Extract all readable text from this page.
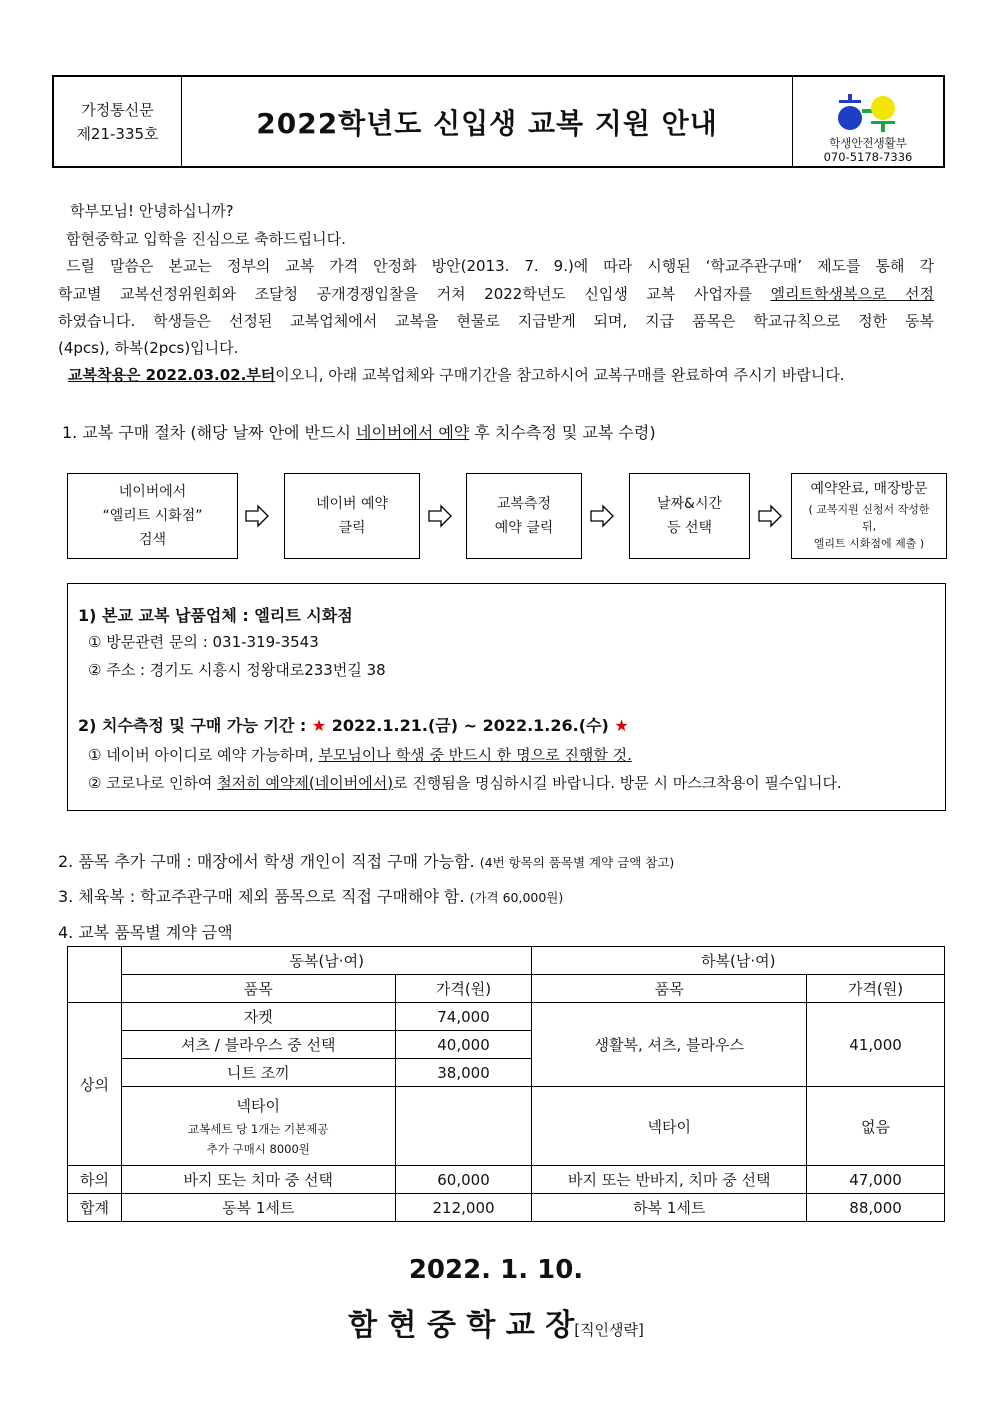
가정통신문
제21-335호	2022학년도 신입생 교복 지원 안내
학생안전생활부
070-5178-7336
학부모님! 안녕하십니까?
함현중학교 입학을 진심으로 축하드립니다.
드릴 말씀은 본교는 정부의 교복 가격 안정화 방안(2013. 7. 9.)에 따라 시행된 ‘학교주관구매’ 제도를 통해 각
학교별 교복선정위원회와 조달청 공개경쟁입찰을 거쳐 2022학년도 신입생 교복 사업자를 엘리트학생복으로 선정
하였습니다. 학생들은 선정된 교복업체에서 교복을 현물로 지급받게 되며, 지급 품목은 학교규칙으로 정한 동복
(4pcs), 하복(2pcs)입니다.
교복착용은 2022.03.02.부터이오니, 아래 교복업체와 구매기간을 참고하시어 교복구매를 완료하여 주시기 바랍니다.
1. 교복 구매 절차 (해당 날짜 안에 반드시 네이버에서 예약 후 치수측정 및 교복 수령)
네이버에서
“엘리트 시화점”
검색
네이버 예약
클릭
교복측정
예약 클릭
날짜&시간
등 선택
예약완료, 매장방문
( 교복지원 신청서 작성한
뒤,
엘리트 시화점에 제출 )
1) 본교 교복 납품업체 : 엘리트 시화점
① 방문관련 문의 : 031-319-3543
② 주소 : 경기도 시흥시 정왕대로233번길 38
2) 치수측정 및 구매 가능 기간 : ★ 2022.1.21.(금) ~ 2022.1.26.(수) ★
① 네이버 아이디로 예약 가능하며, 부모님이나 학생 중 반드시 한 명으로 진행할 것.
② 코로나로 인하여 철저히 예약제(네이버에서)로 진행됨을 명심하시길 바랍니다. 방문 시 마스크착용이 필수입니다.
2. 품목 추가 구매 : 매장에서 학생 개인이 직접 구매 가능함. (4번 항목의 품목별 계약 금액 참고)
3. 체육복 : 학교주관구매 제외 품목으로 직접 구매해야 함. (가격 60,000원)
4. 교복 품목별 계약 금액
	동복(남·여)		하복(남·여)	
	품목	가격(원)	품목	가격(원)
상의	자켓	74,000	생활복, 셔츠, 블라우스	41,000
	셔츠 / 블라우스 중 선택	40,000		
	니트 조끼	38,000		

	넥타이
교복세트 당 1개는 기본제공
추가 구매시 8000원		넥타이	없음
하의	바지 또는 치마 중 선택	60,000	바지 또는 반바지, 치마 중 선택	47,000
합계	동복 1세트	212,000	하복 1세트	88,000
2022. 1. 10.
함 현 중 학 교 장[직인생략]
